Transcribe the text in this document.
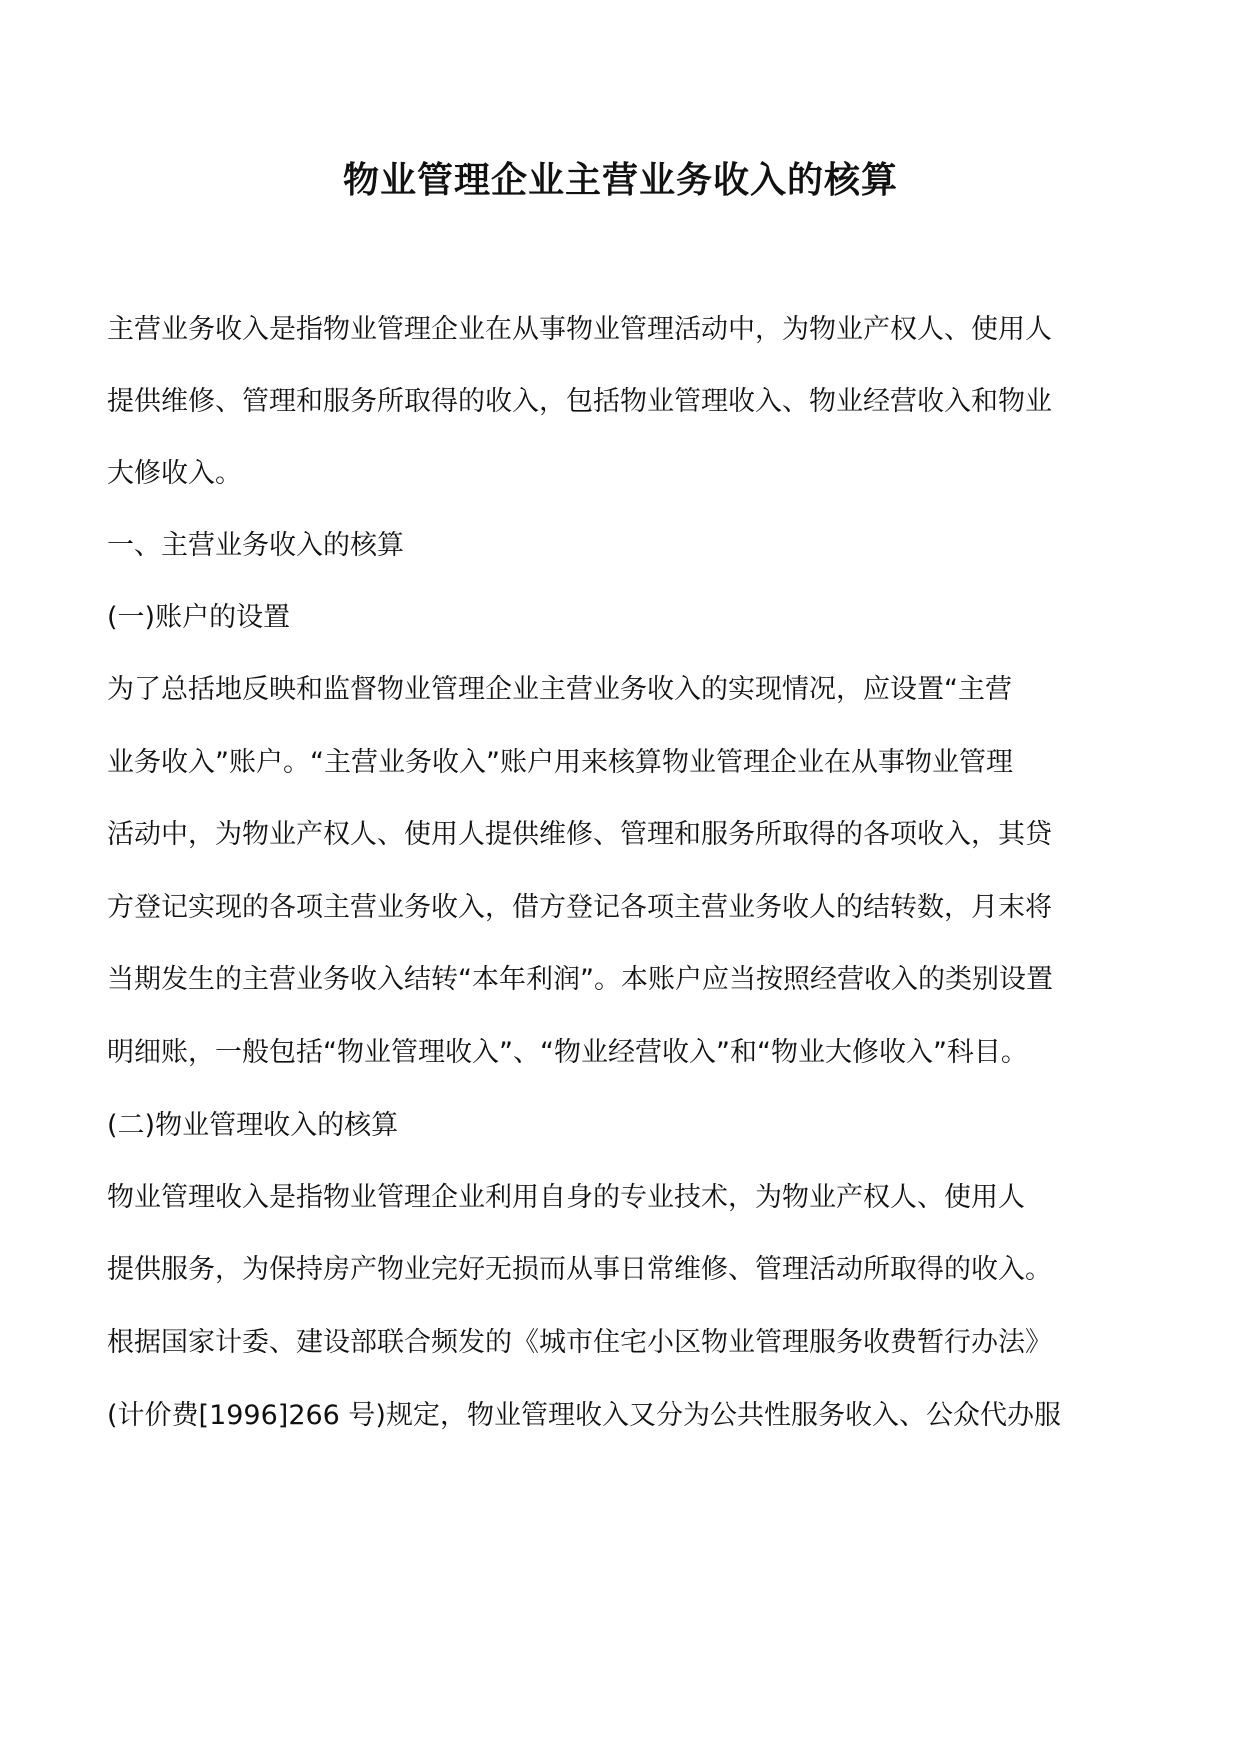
物业管理企业主营业务收入的核算

主营业务收入是指物业管理企业在从事物业管理活动中，为物业产权人、使用人

提供维修、管理和服务所取得的收入，包括物业管理收入、物业经营收入和物业

大修收入。

一、主营业务收入的核算

(一)账户的设置

为了总括地反映和监督物业管理企业主营业务收入的实现情况，应设置“主营

业务收入”账户。“主营业务收入”账户用来核算物业管理企业在从事物业管理

活动中，为物业产权人、使用人提供维修、管理和服务所取得的各项收入，其贷

方登记实现的各项主营业务收入，借方登记各项主营业务收人的结转数，月末将

当期发生的主营业务收入结转“本年利润”。本账户应当按照经营收入的类别设置

明细账，一般包括“物业管理收入”、“物业经营收入”和“物业大修收入”科目。

(二)物业管理收入的核算

物业管理收入是指物业管理企业利用自身的专业技术，为物业产权人、使用人

提供服务，为保持房产物业完好无损而从事日常维修、管理活动所取得的收入。

根据国家计委、建设部联合频发的《城市住宅小区物业管理服务收费暂行办法》

(计价费[1996]266 号)规定，物业管理收入又分为公共性服务收入、公众代办服
